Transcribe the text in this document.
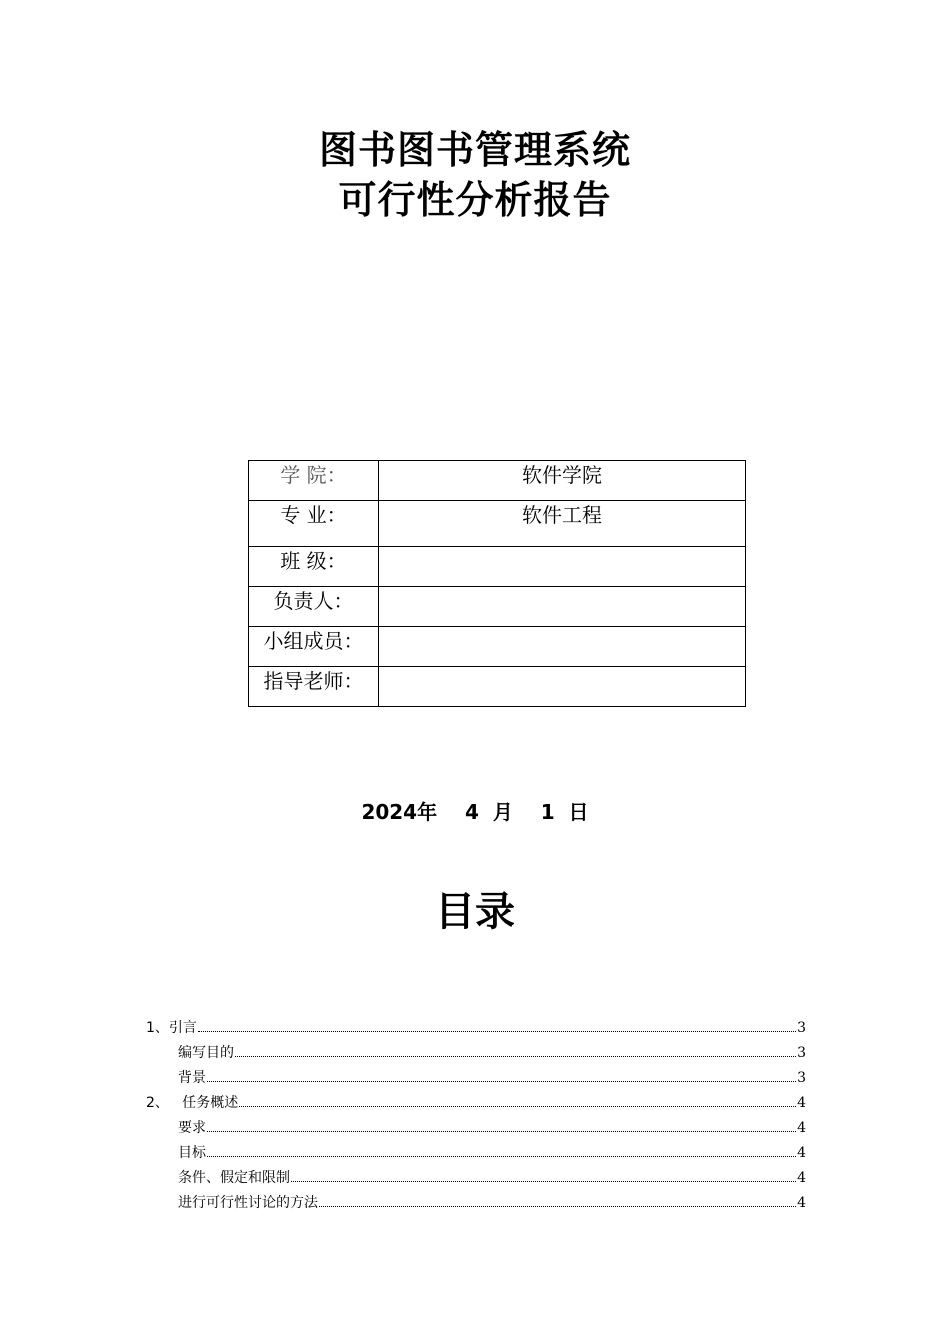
图书图书管理系统
可行性分析报告
学 院：	软件学院
专 业：	软件工程
班 级：	
负责人：	
小组成员：	
指导老师：	
2024年 4 月 1 日
目录
1、 引言	3
编写目的	3
背景	3
2、 任务概述	4
要求	4
目标	4
条件、假定和限制	4
进行可行性讨论的方法	4
